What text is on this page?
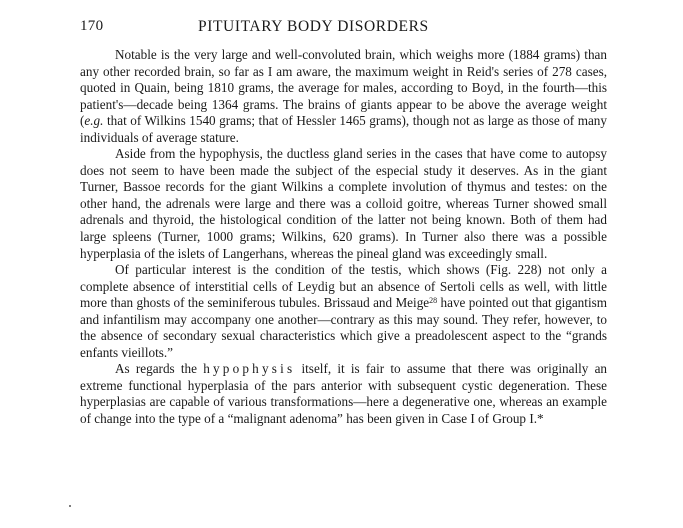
170	PITUITARY BODY DISORDERS

Notable is the very large and well-convoluted brain, which weighs more (1884 grams) than any other recorded brain, so far as I am aware, the maximum weight in Reid's series of 278 cases, quoted in Quain, being 1810 grams, the average for males, according to Boyd, in the fourth—this patient's—decade being 1364 grams. The brains of giants appear to be above the average weight (e.g. that of Wilkins 1540 grams; that of Hessler 1465 grams), though not as large as those of many individuals of average stature.

Aside from the hypophysis, the ductless gland series in the cases that have come to autopsy does not seem to have been made the subject of the especial study it deserves. As in the giant Turner, Bassoe records for the giant Wilkins a complete involution of thymus and testes: on the other hand, the adrenals were large and there was a colloid goitre, whereas Turner showed small adrenals and thyroid, the histological condition of the latter not being known. Both of them had large spleens (Turner, 1000 grams; Wilkins, 620 grams). In Turner also there was a possible hyperplasia of the islets of Langerhans, whereas the pineal gland was exceedingly small.

Of particular interest is the condition of the testis, which shows (Fig. 228) not only a complete absence of interstitial cells of Leydig but an absence of Sertoli cells as well, with little more than ghosts of the seminiferous tubules. Brissaud and Meige$^{28}$ have pointed out that gigantism and infantilism may accompany one another—contrary as this may sound. They refer, however, to the absence of secondary sexual characteristics which give a preadolescent aspect to the “grands enfants vieillots.”

As regards the hypophysis itself, it is fair to assume that there was originally an extreme functional hyperplasia of the pars anterior with subsequent cystic degeneration. These hyperplasias are capable of various transformations—here a degenerative one, whereas an example of change into the type of a “malignant adenoma” has been given in Case I of Group I.*
